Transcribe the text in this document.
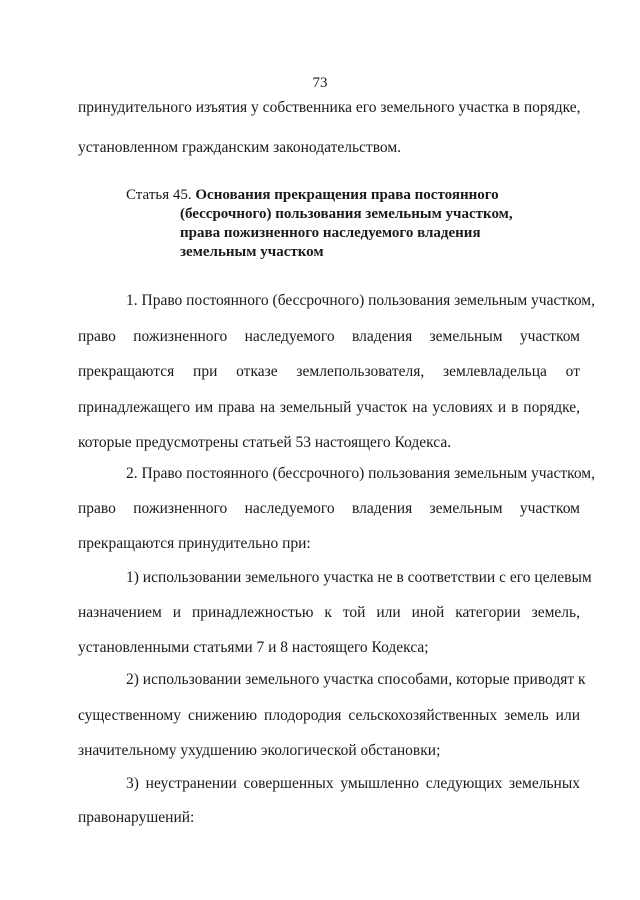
73
принудительного изъятия у собственника его земельного участка в порядке,
установленном гражданским законодательством.
Статья 45. Основания прекращения права постоянного
(бессрочного) пользования земельным участком,
права пожизненного наследуемого владения
земельным участком
1. Право постоянного (бессрочного) пользования земельным участком,
право пожизненного наследуемого владения земельным участком
прекращаются при отказе землепользователя, землевладельца от
принадлежащего им права на земельный участок на условиях и в порядке,
которые предусмотрены статьей 53 настоящего Кодекса.
2. Право постоянного (бессрочного) пользования земельным участком,
право пожизненного наследуемого владения земельным участком
прекращаются принудительно при:
1) использовании земельного участка не в соответствии с его целевым
назначением и принадлежностью к той или иной категории земель,
установленными статьями 7 и 8 настоящего Кодекса;
2) использовании земельного участка способами, которые приводят к
существенному снижению плодородия сельскохозяйственных земель или
значительному ухудшению экологической обстановки;
3) неустранении совершенных умышленно следующих земельных
правонарушений:
